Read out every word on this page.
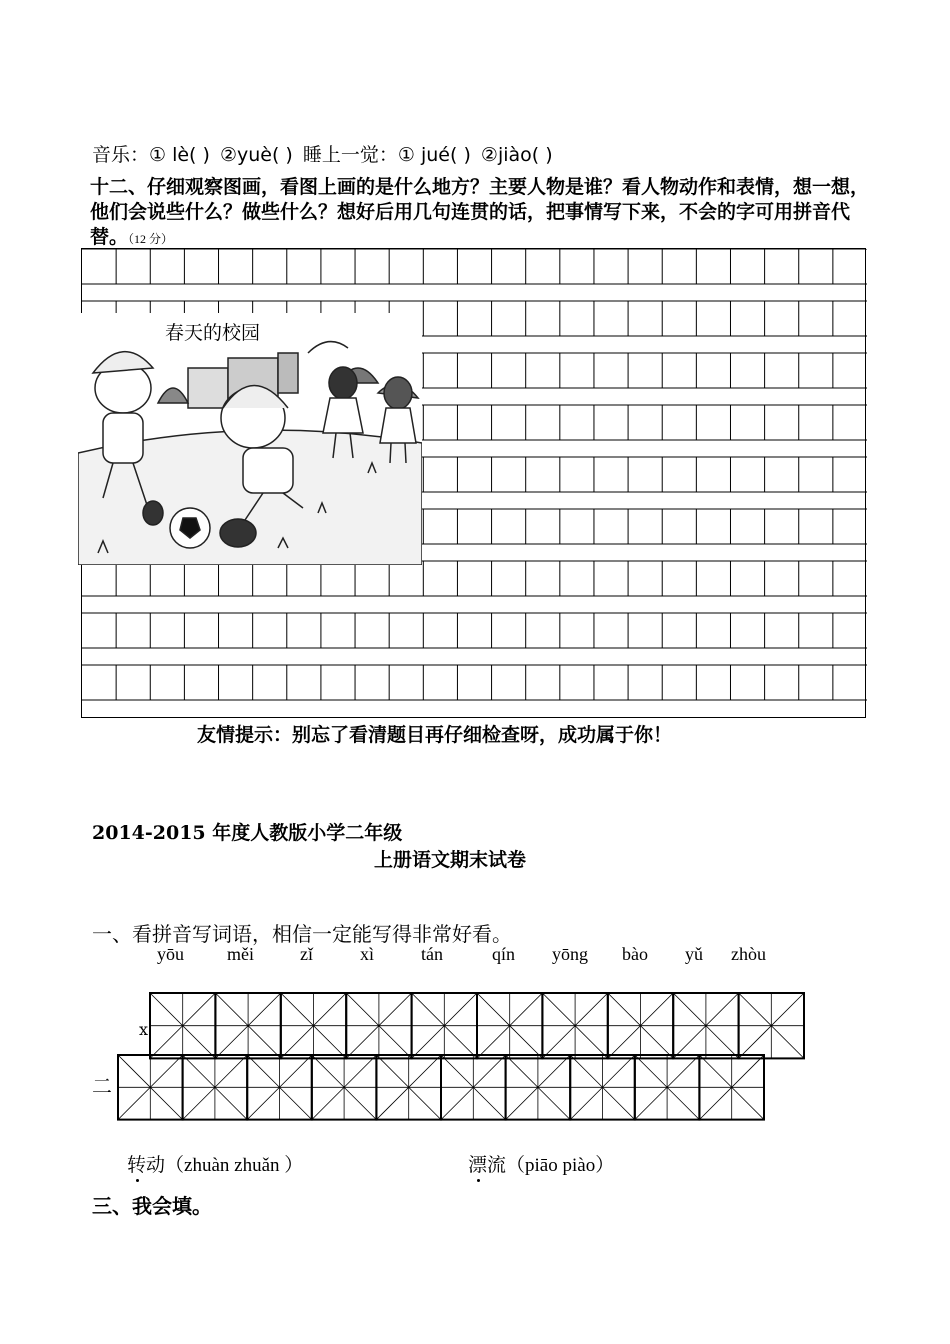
音乐：① lè( ) ②yuè( ) 睡上一觉：① jué( ) ②jiào( )
十二、仔细观察图画，看图上画的是什么地方？主要人物是谁？看人物动作和表情，想一想，他们会说些什么？做些什么？想好后用几句连贯的话，把事情写下来，不会的字可用拼音代替。（12 分）
春天的校园
友情提示：别忘了看清题目再仔细检查呀，成功属于你！
2014-2015 年度人教版小学二年级
上册语文期末试卷
一、看拼音写词语，相信一定能写得非常好看。
yōu měi	zǐ	xì	tán	qín yōng bào yǔ zhòu
x
二
转动（zhuàn zhuǎn ）	漂流（piāo piào）
三、我会填。
